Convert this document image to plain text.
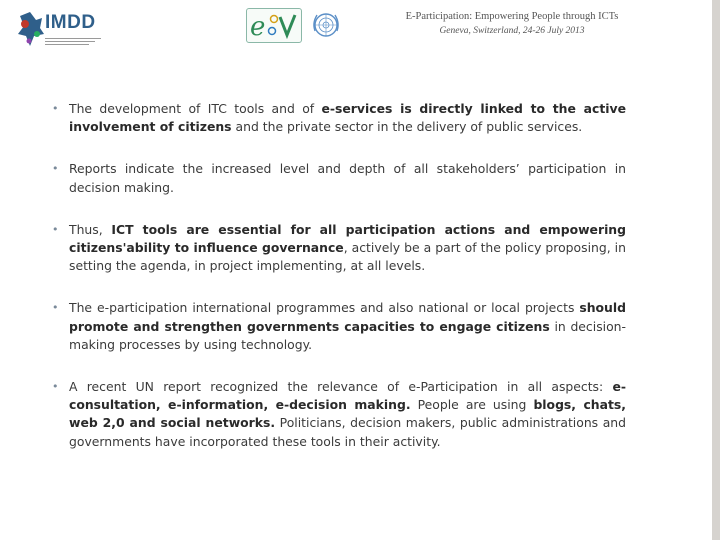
IMDD	e	E-Participation: Empowering People through ICTs
Geneva, Switzerland, 24-26 July 2013
• The development of ITC tools and of e-services is directly linked to the active involvement of citizens and the private sector in the delivery of public services.
• Reports indicate the increased level and depth of all stakeholders’ participation in decision making.
• Thus, ICT tools are essential for all participation actions and empowering citizens'ability to influence governance, actively be a part of the policy proposing, in setting the agenda, in project implementing, at all levels.
• The e-participation international programmes and also national or local projects should promote and strengthen governments capacities to engage citizens in decision-making processes by using technology.
• A recent UN report recognized the relevance of e-Participation in all aspects: e-consultation, e-information, e-decision making. People are using blogs, chats, web 2,0 and social networks. Politicians, decision makers, public administrations and governments have incorporated these tools in their activity.
